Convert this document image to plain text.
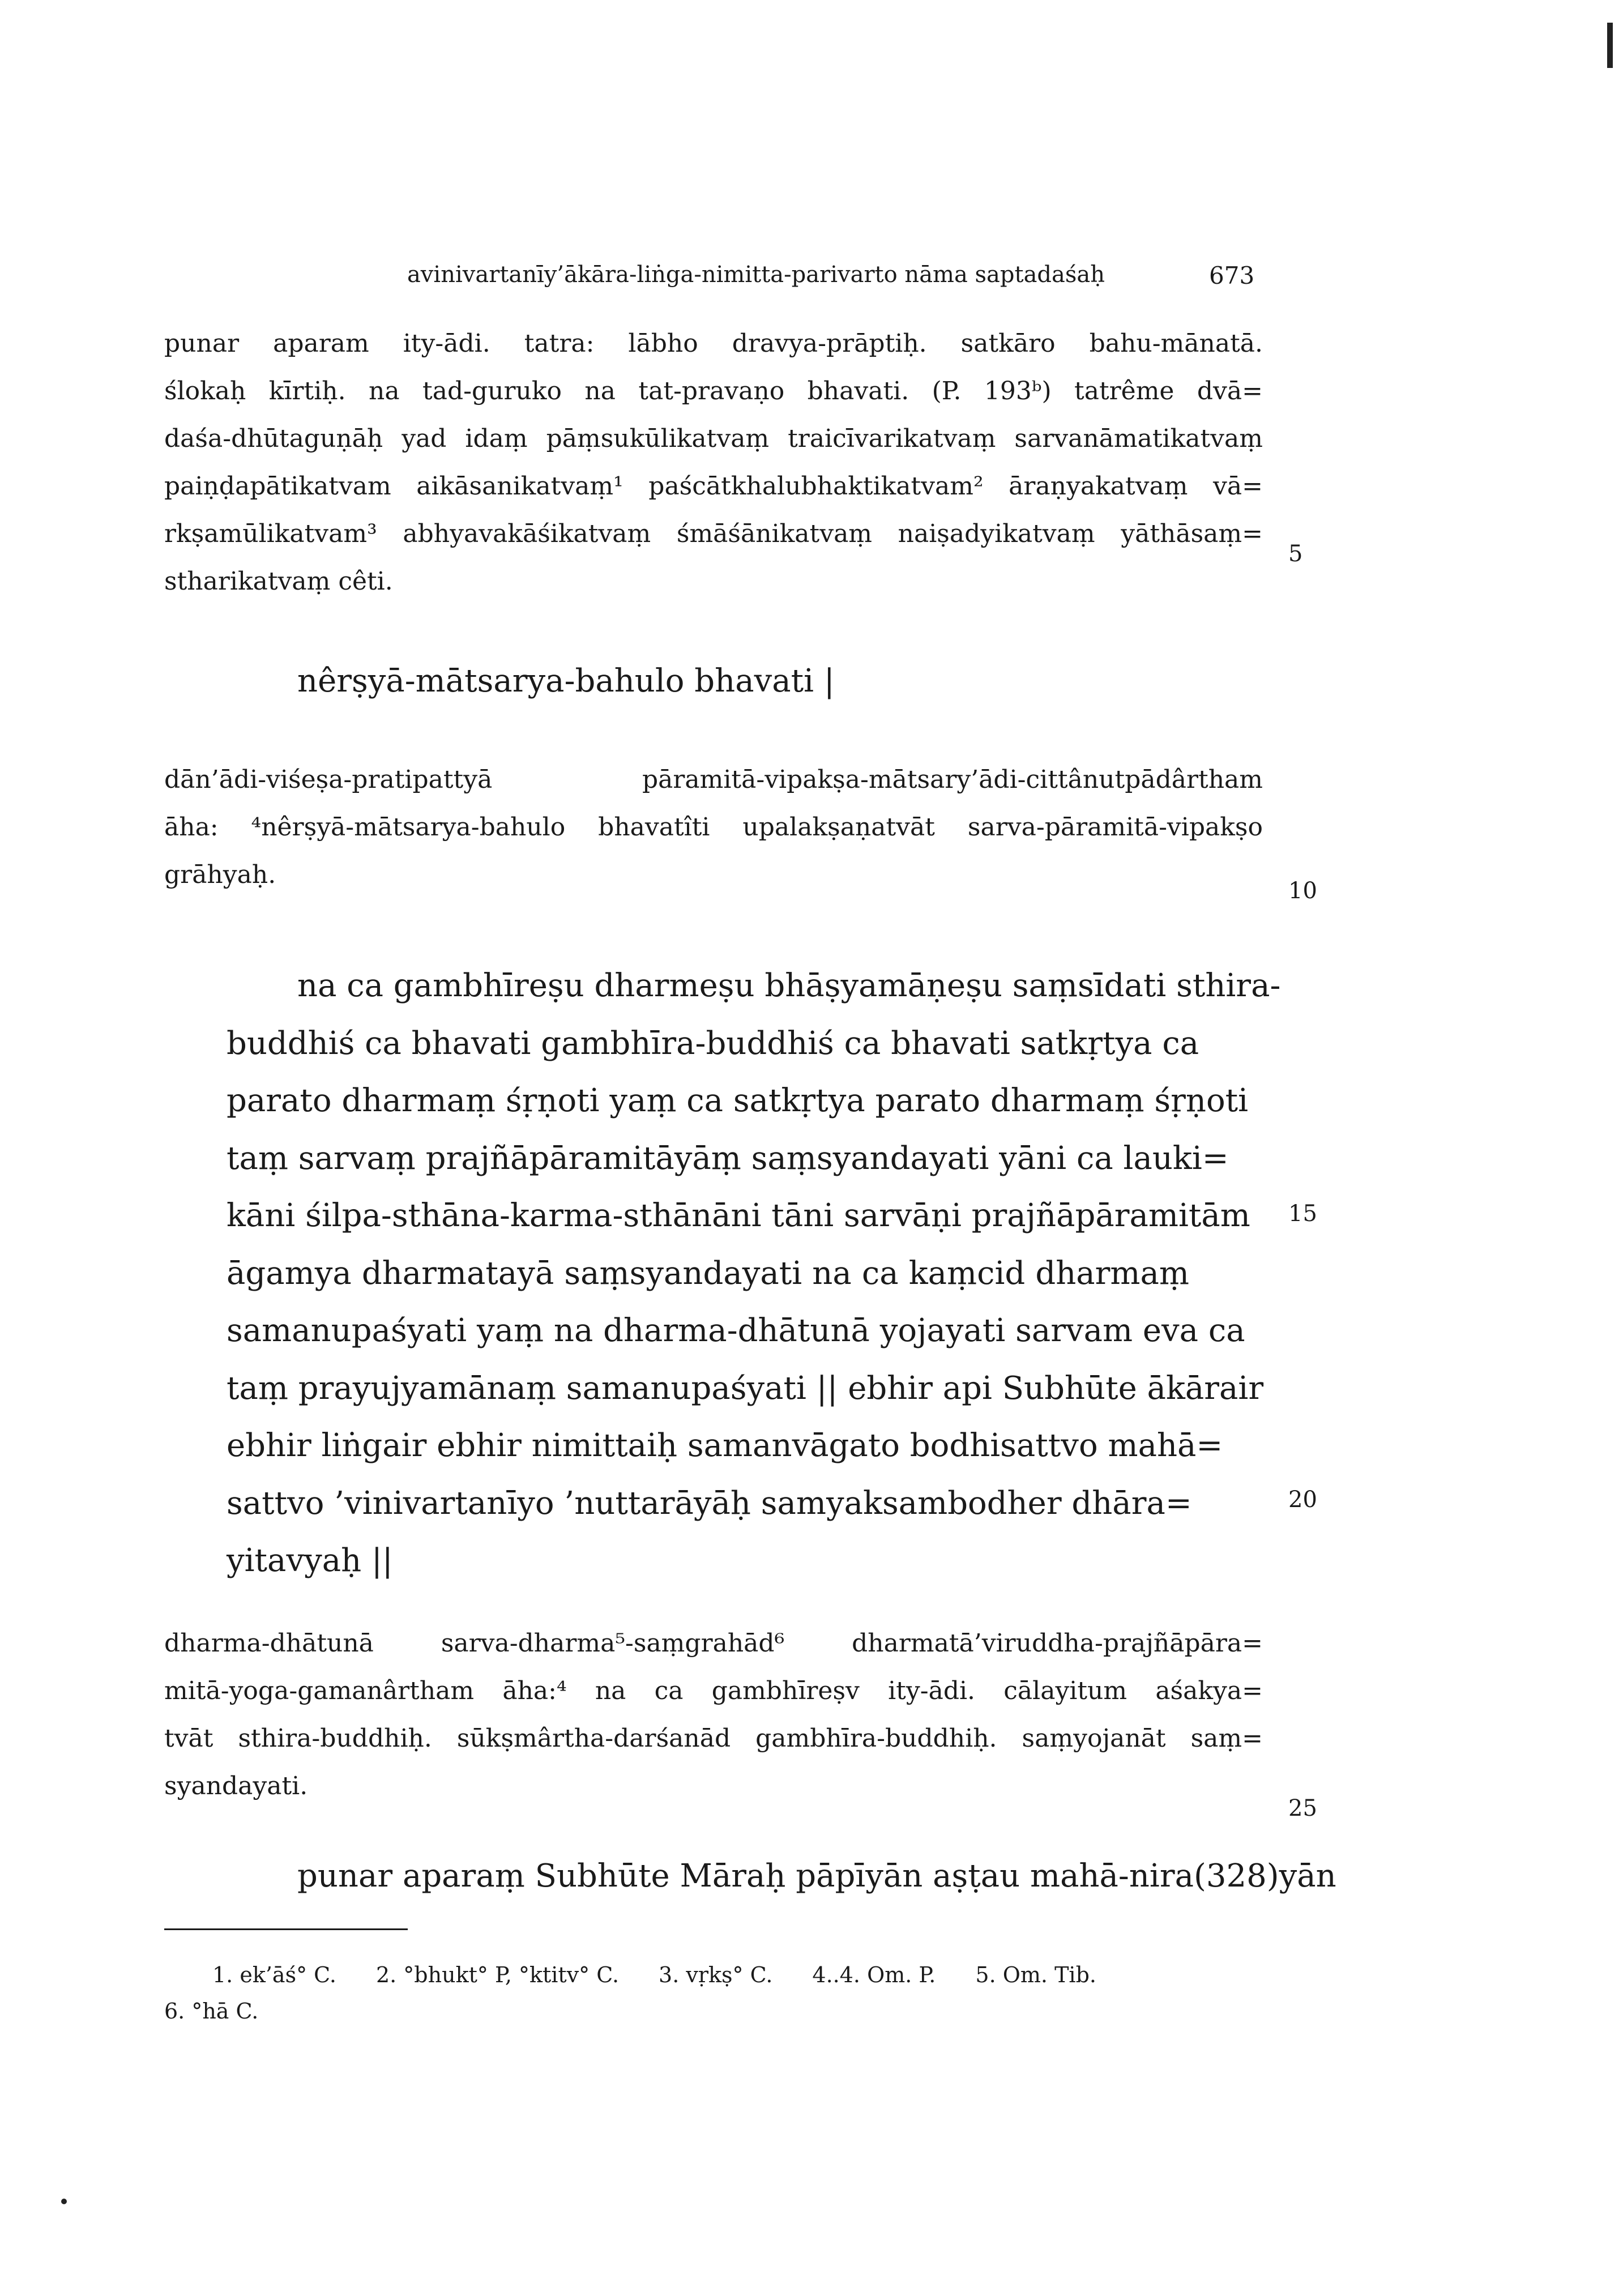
avinivartanīy’ākāra-liṅga-nimitta-parivarto nāma saptadaśaḥ	673
punar aparam ity-ādi. tatra: lābho dravya-prāptiḥ. satkāro bahu-mānatā.
ślokaḥ kīrtiḥ. na tad-guruko na tat-pravaṇo bhavati. (P. 193ᵇ) tatrême dvā=
daśa-dhūtaguṇāḥ yad idaṃ pāṃsukūlikatvaṃ traicīvarikatvaṃ sarvanāmatikatvaṃ
paiṇḍapātikatvam aikāsanikatvaṃ¹ paścātkhalubhaktikatvam² āraṇyakatvaṃ vā=
rkṣamūlikatvam³ abhyavakāśikatvaṃ śmāśānikatvaṃ naiṣadyikatvaṃ yāthāsaṃ=
stharikatvaṃ cêti.
5
nêrṣyā-mātsarya-bahulo bhavati |
dān’ādi-viśeṣa-pratipattyā pāramitā-vipakṣa-mātsary’ādi-cittânutpādârtham
āha: ⁴nêrṣyā-mātsarya-bahulo bhavatîti upalakṣaṇatvāt sarva-pāramitā-vipakṣo
grāhyaḥ.
10
na ca gambhīreṣu dharmeṣu bhāṣyamāṇeṣu saṃsīdati sthira-
buddhiś ca bhavati gambhīra-buddhiś ca bhavati satkṛtya ca
parato dharmaṃ śṛṇoti yaṃ ca satkṛtya parato dharmaṃ śṛṇoti
taṃ sarvaṃ prajñāpāramitāyāṃ saṃsyandayati yāni ca lauki=
kāni śilpa-sthāna-karma-sthānāni tāni sarvāṇi prajñāpāramitām
āgamya dharmatayā saṃsyandayati na ca kaṃcid dharmaṃ
samanupaśyati yaṃ na dharma-dhātunā yojayati sarvam eva ca
taṃ prayujyamānaṃ samanupaśyati || ebhir api Subhūte ākārair
ebhir liṅgair ebhir nimittaiḥ samanvāgato bodhisattvo mahā=
sattvo ’vinivartanīyo ’nuttarāyāḥ samyaksambodher dhāra=
yitavyaḥ ||
15
20
dharma-dhātunā sarva-dharma⁵-saṃgrahād⁶ dharmatā’viruddha-prajñāpāra=
mitā-yoga-gamanârtham āha:⁴ na ca gambhīreṣv ity-ādi. cālayitum aśakya=
tvāt sthira-buddhiḥ. sūkṣmârtha-darśanād gambhīra-buddhiḥ. saṃyojanāt saṃ=
syandayati.
25
punar aparaṃ Subhūte Māraḥ pāpīyān aṣṭau mahā-nira(328)yān
1. ek’āś° C. 2. °bhukt° P, °ktitv° C. 3. vṛkṣ° C. 4..4. Om. P. 5. Om. Tib.
6. °hā C.
